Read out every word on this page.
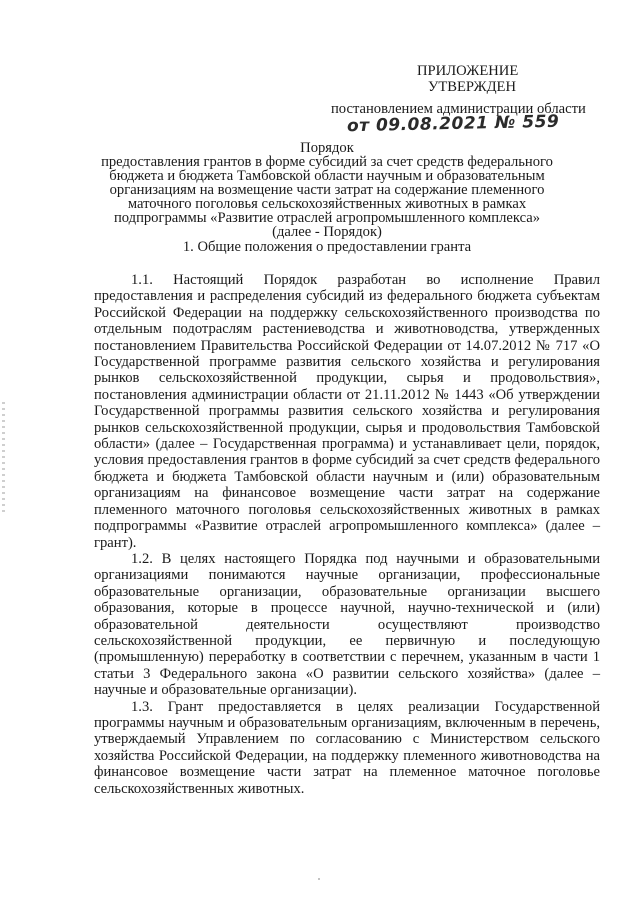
ПРИЛОЖЕНИЕ
УТВЕРЖДЕН
постановлением администрации области
от 09.08.2021 № 559
Порядок
предоставления грантов в форме субсидий за счет средств федерального бюджета и бюджета Тамбовской области научным и образовательным организациям на возмещение части затрат на содержание племенного маточного поголовья сельскохозяйственных животных в рамках подпрограммы «Развитие отраслей агропромышленного комплекса» (далее - Порядок)
1. Общие положения о предоставлении гранта

1.1. Настоящий Порядок разработан во исполнение Правил предоставления и распределения субсидий из федерального бюджета субъектам Российской Федерации на поддержку сельскохозяйственного производства по отдельным подотраслям растениеводства и животноводства, утвержденных постановлением Правительства Российской Федерации от 14.07.2012 № 717 «О Государственной программе развития сельского хозяйства и регулирования рынков сельскохозяйственной продукции, сырья и продовольствия», постановления администрации области от 21.11.2012 № 1443 «Об утверждении Государственной программы развития сельского хозяйства и регулирования рынков сельскохозяйственной продукции, сырья и продовольствия Тамбовской области» (далее – Государственная программа) и устанавливает цели, порядок, условия предоставления грантов в форме субсидий за счет средств федерального бюджета и бюджета Тамбовской области научным и (или) образовательным организациям на финансовое возмещение части затрат на содержание племенного маточного поголовья сельскохозяйственных животных в рамках подпрограммы «Развитие отраслей агропромышленного комплекса» (далее – грант).

1.2. В целях настоящего Порядка под научными и образовательными организациями понимаются научные организации, профессиональные образовательные организации, образовательные организации высшего образования, которые в процессе научной, научно-технической и (или) образовательной деятельности осуществляют производство сельскохозяйственной продукции, ее первичную и последующую (промышленную) переработку в соответствии с перечнем, указанным в части 1 статьи 3 Федерального закона «О развитии сельского хозяйства» (далее – научные и образовательные организации).

1.3. Грант предоставляется в целях реализации Государственной программы научным и образовательным организациям, включенным в перечень, утверждаемый Управлением по согласованию с Министерством сельского хозяйства Российской Федерации, на поддержку племенного животноводства на финансовое возмещение части затрат на племенное маточное поголовье сельскохозяйственных животных.
